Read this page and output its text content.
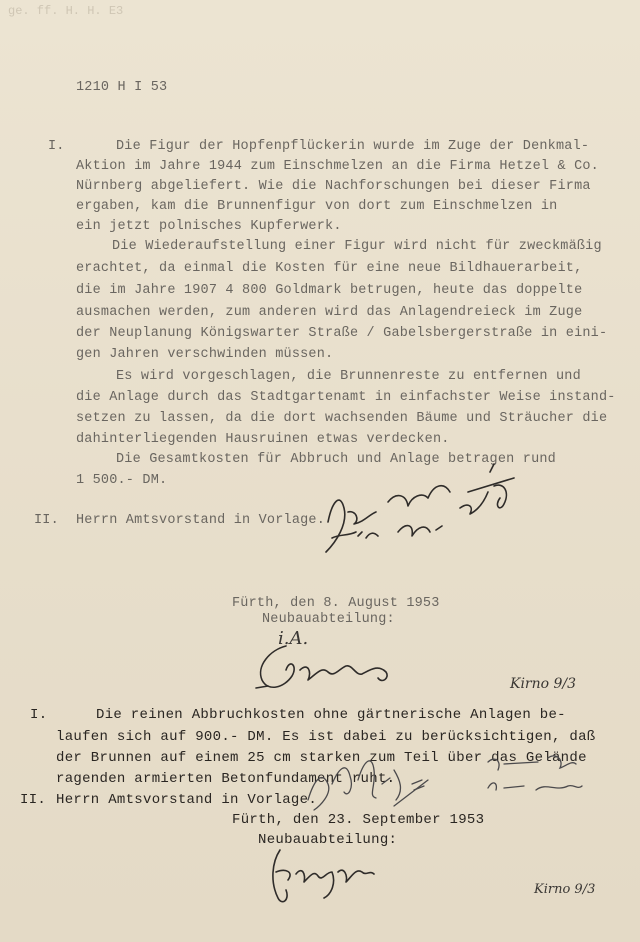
ge. ff. H. H. E3
1210 H I 53
I.	Die Figur der Hopfenpflückerin wurde im Zuge der Denkmal-
Aktion im Jahre 1944 zum Einschmelzen an die Firma Hetzel & Co.
Nürnberg abgeliefert. Wie die Nachforschungen bei dieser Firma
ergaben, kam die Brunnenfigur von dort zum Einschmelzen in
ein jetzt polnisches Kupferwerk.
Die Wiederaufstellung einer Figur wird nicht für zweckmäßig
erachtet, da einmal die Kosten für eine neue Bildhauerarbeit,
die im Jahre 1907 4 800 Goldmark betrugen, heute das doppelte
ausmachen werden, zum anderen wird das Anlagendreieck im Zuge
der Neuplanung Königswarter Straße / Gabelsbergerstraße in eini-
gen Jahren verschwinden müssen.
Es wird vorgeschlagen, die Brunnenreste zu entfernen und
die Anlage durch das Stadtgartenamt in einfachster Weise instand-
setzen zu lassen, da die dort wachsenden Bäume und Sträucher die
dahinterliegenden Hausruinen etwas verdecken.
Die Gesamtkosten für Abbruch und Anlage betragen rund
1 500.- DM.
II. Herrn Amtsvorstand in Vorlage.
Fürth, den 8. August 1953
Neubauabteilung:
i.A.
Kirno 9/3
I.	Die reinen Abbruchkosten ohne gärtnerische Anlagen be-
laufen sich auf 900.- DM. Es ist dabei zu berücksichtigen, daß
der Brunnen auf einem 25 cm starken zum Teil über das Gelände
ragenden armierten Betonfundament ruht.
II. Herrn Amtsvorstand in Vorlage.
Fürth, den 23. September 1953
Neubauabteilung:
Kirno 9/3
